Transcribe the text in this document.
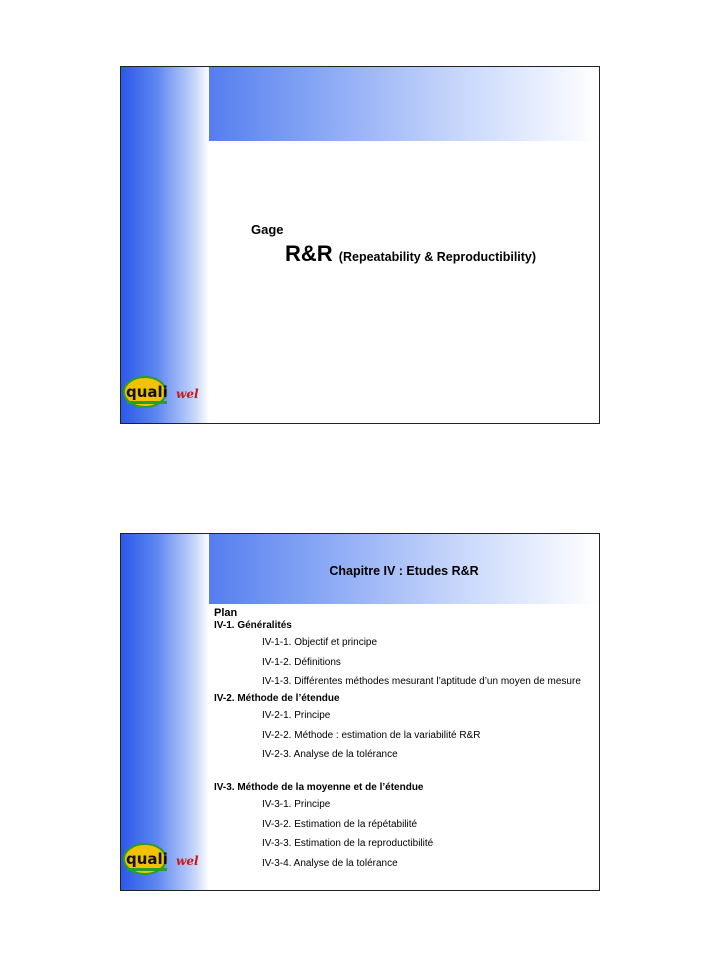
Gage
R&R (Repeatability & Reproductibility)
quali wel
Chapitre IV : Etudes R&R
Plan
IV-1. Généralités
IV-1-1. Objectif et principe
IV-1-2. Définitions
IV-1-3. Différentes méthodes mesurant l’aptitude d’un moyen de mesure
IV-2. Méthode de l’étendue
IV-2-1. Principe
IV-2-2. Méthode : estimation de la variabilité R&R
IV-2-3. Analyse de la tolérance
IV-3. Méthode de la moyenne et de l’étendue
IV-3-1. Principe
IV-3-2. Estimation de la répétabilité
IV-3-3. Estimation de la reproductibilité
IV-3-4. Analyse de la tolérance
quali wel
